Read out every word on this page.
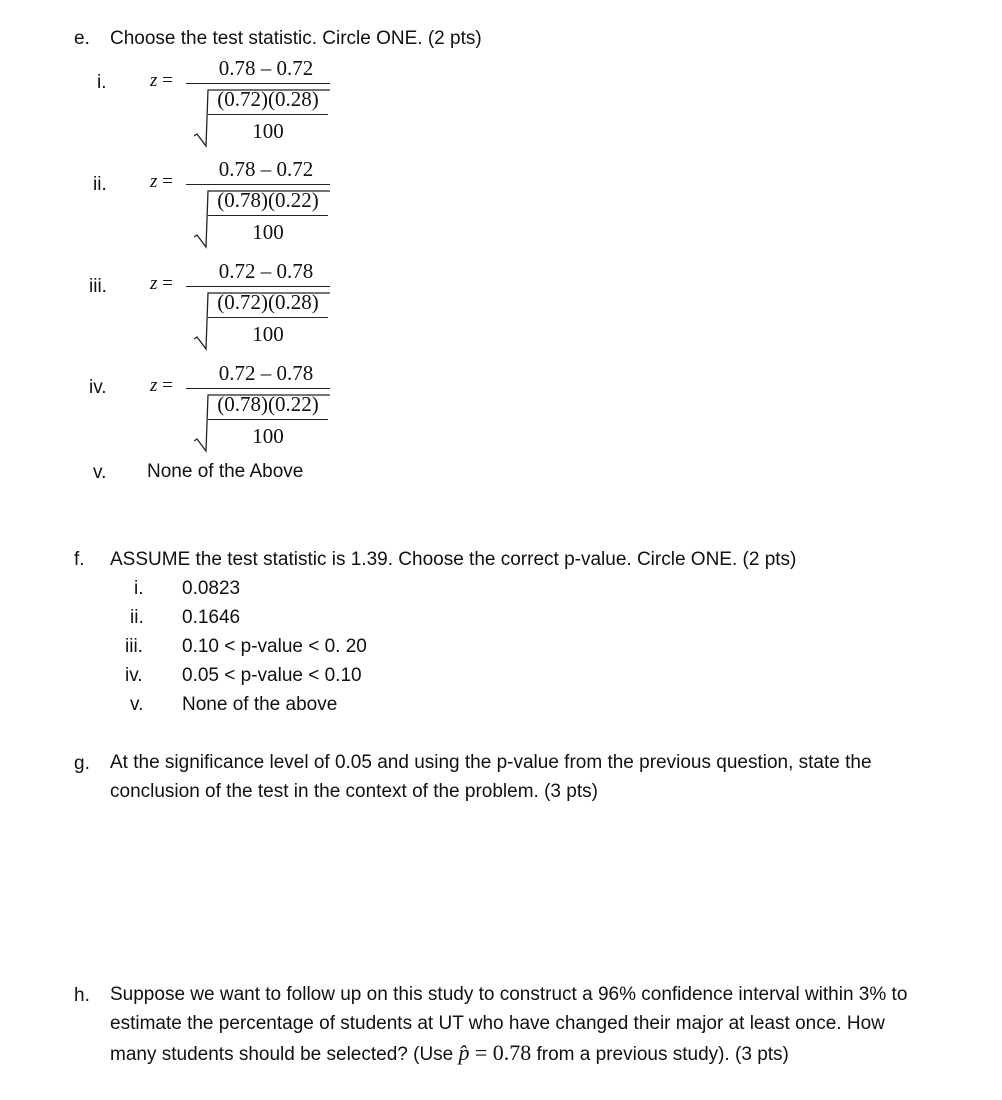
e. Choose the test statistic. Circle ONE. (2 pts)
i.
0.78 – 0.72
z =
(0.72)(0.28)
100
ii.
0.78 – 0.72
z =
(0.78)(0.22)
100
iii.
0.72 – 0.78
z =
(0.72)(0.28)
100
iv.
0.72 – 0.78
z =
(0.78)(0.22)
100
v. None of the Above
f. ASSUME the test statistic is 1.39. Choose the correct p-value. Circle ONE. (2 pts)
i. 0.0823
ii. 0.1646
iii. 0.10 < p-value < 0. 20
iv. 0.05 < p-value < 0.10
v. None of the above
g. At the significance level of 0.05 and using the p-value from the previous question, state the
conclusion of the test in the context of the problem. (3 pts)
h. Suppose we want to follow up on this study to construct a 96% confidence interval within 3% to
estimate the percentage of students at UT who have changed their major at least once. How
many students should be selected? (Use p̂ = 0.78 from a previous study). (3 pts)
